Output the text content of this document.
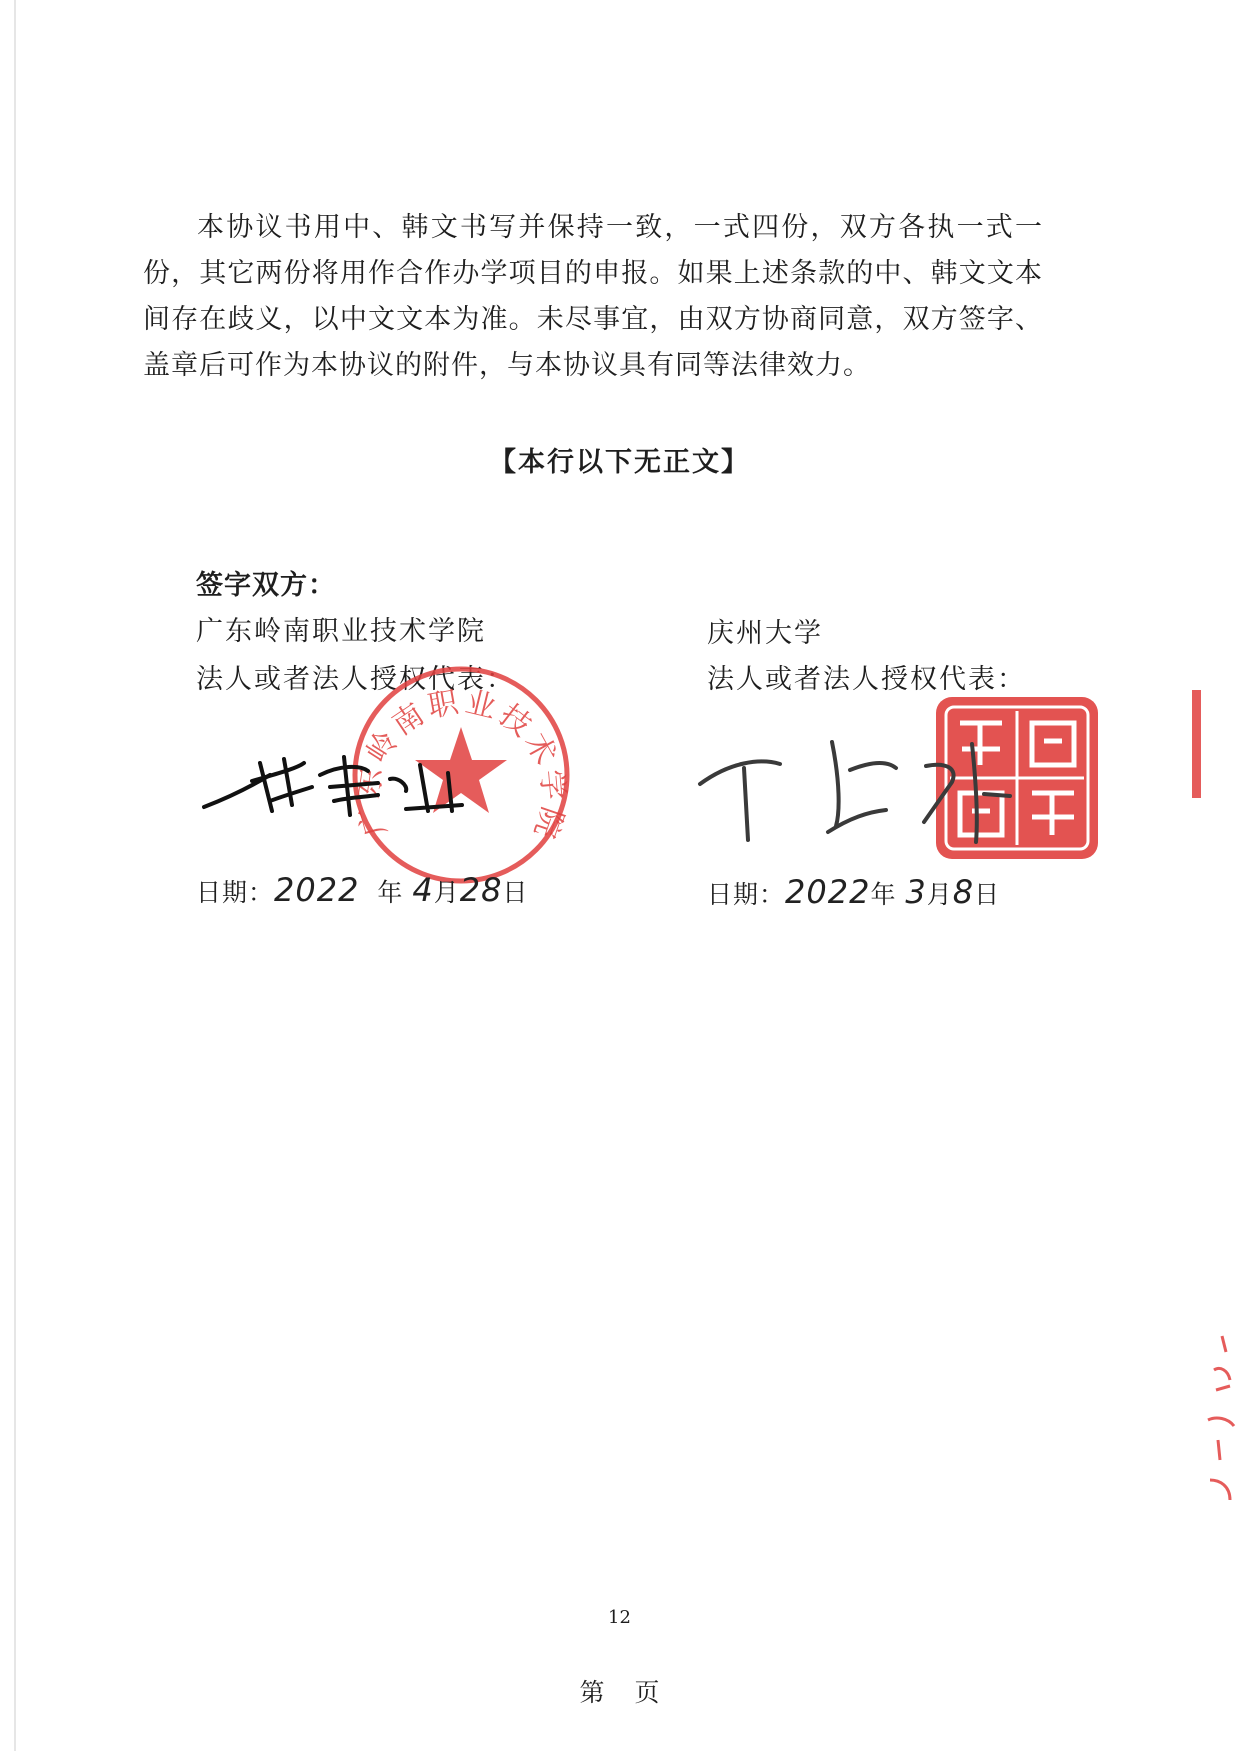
本协议书用中、韩文书写并保持一致，一式四份，双方各执一式一份，其它两份将用作合作办学项目的申报。如果上述条款的中、韩文文本间存在歧义，以中文文本为准。未尽事宜，由双方协商同意，双方签字、盖章后可作为本协议的附件，与本协议具有同等法律效力。

【本行以下无正文】
签字双方：
广东岭南职业技术学院
法人或者法人授权代表：
庆州大学
法人或者法人授权代表：
广东岭南职业技术学院
日期：2022 年 4月28日	日期：2022年 3月8日
12
第页
